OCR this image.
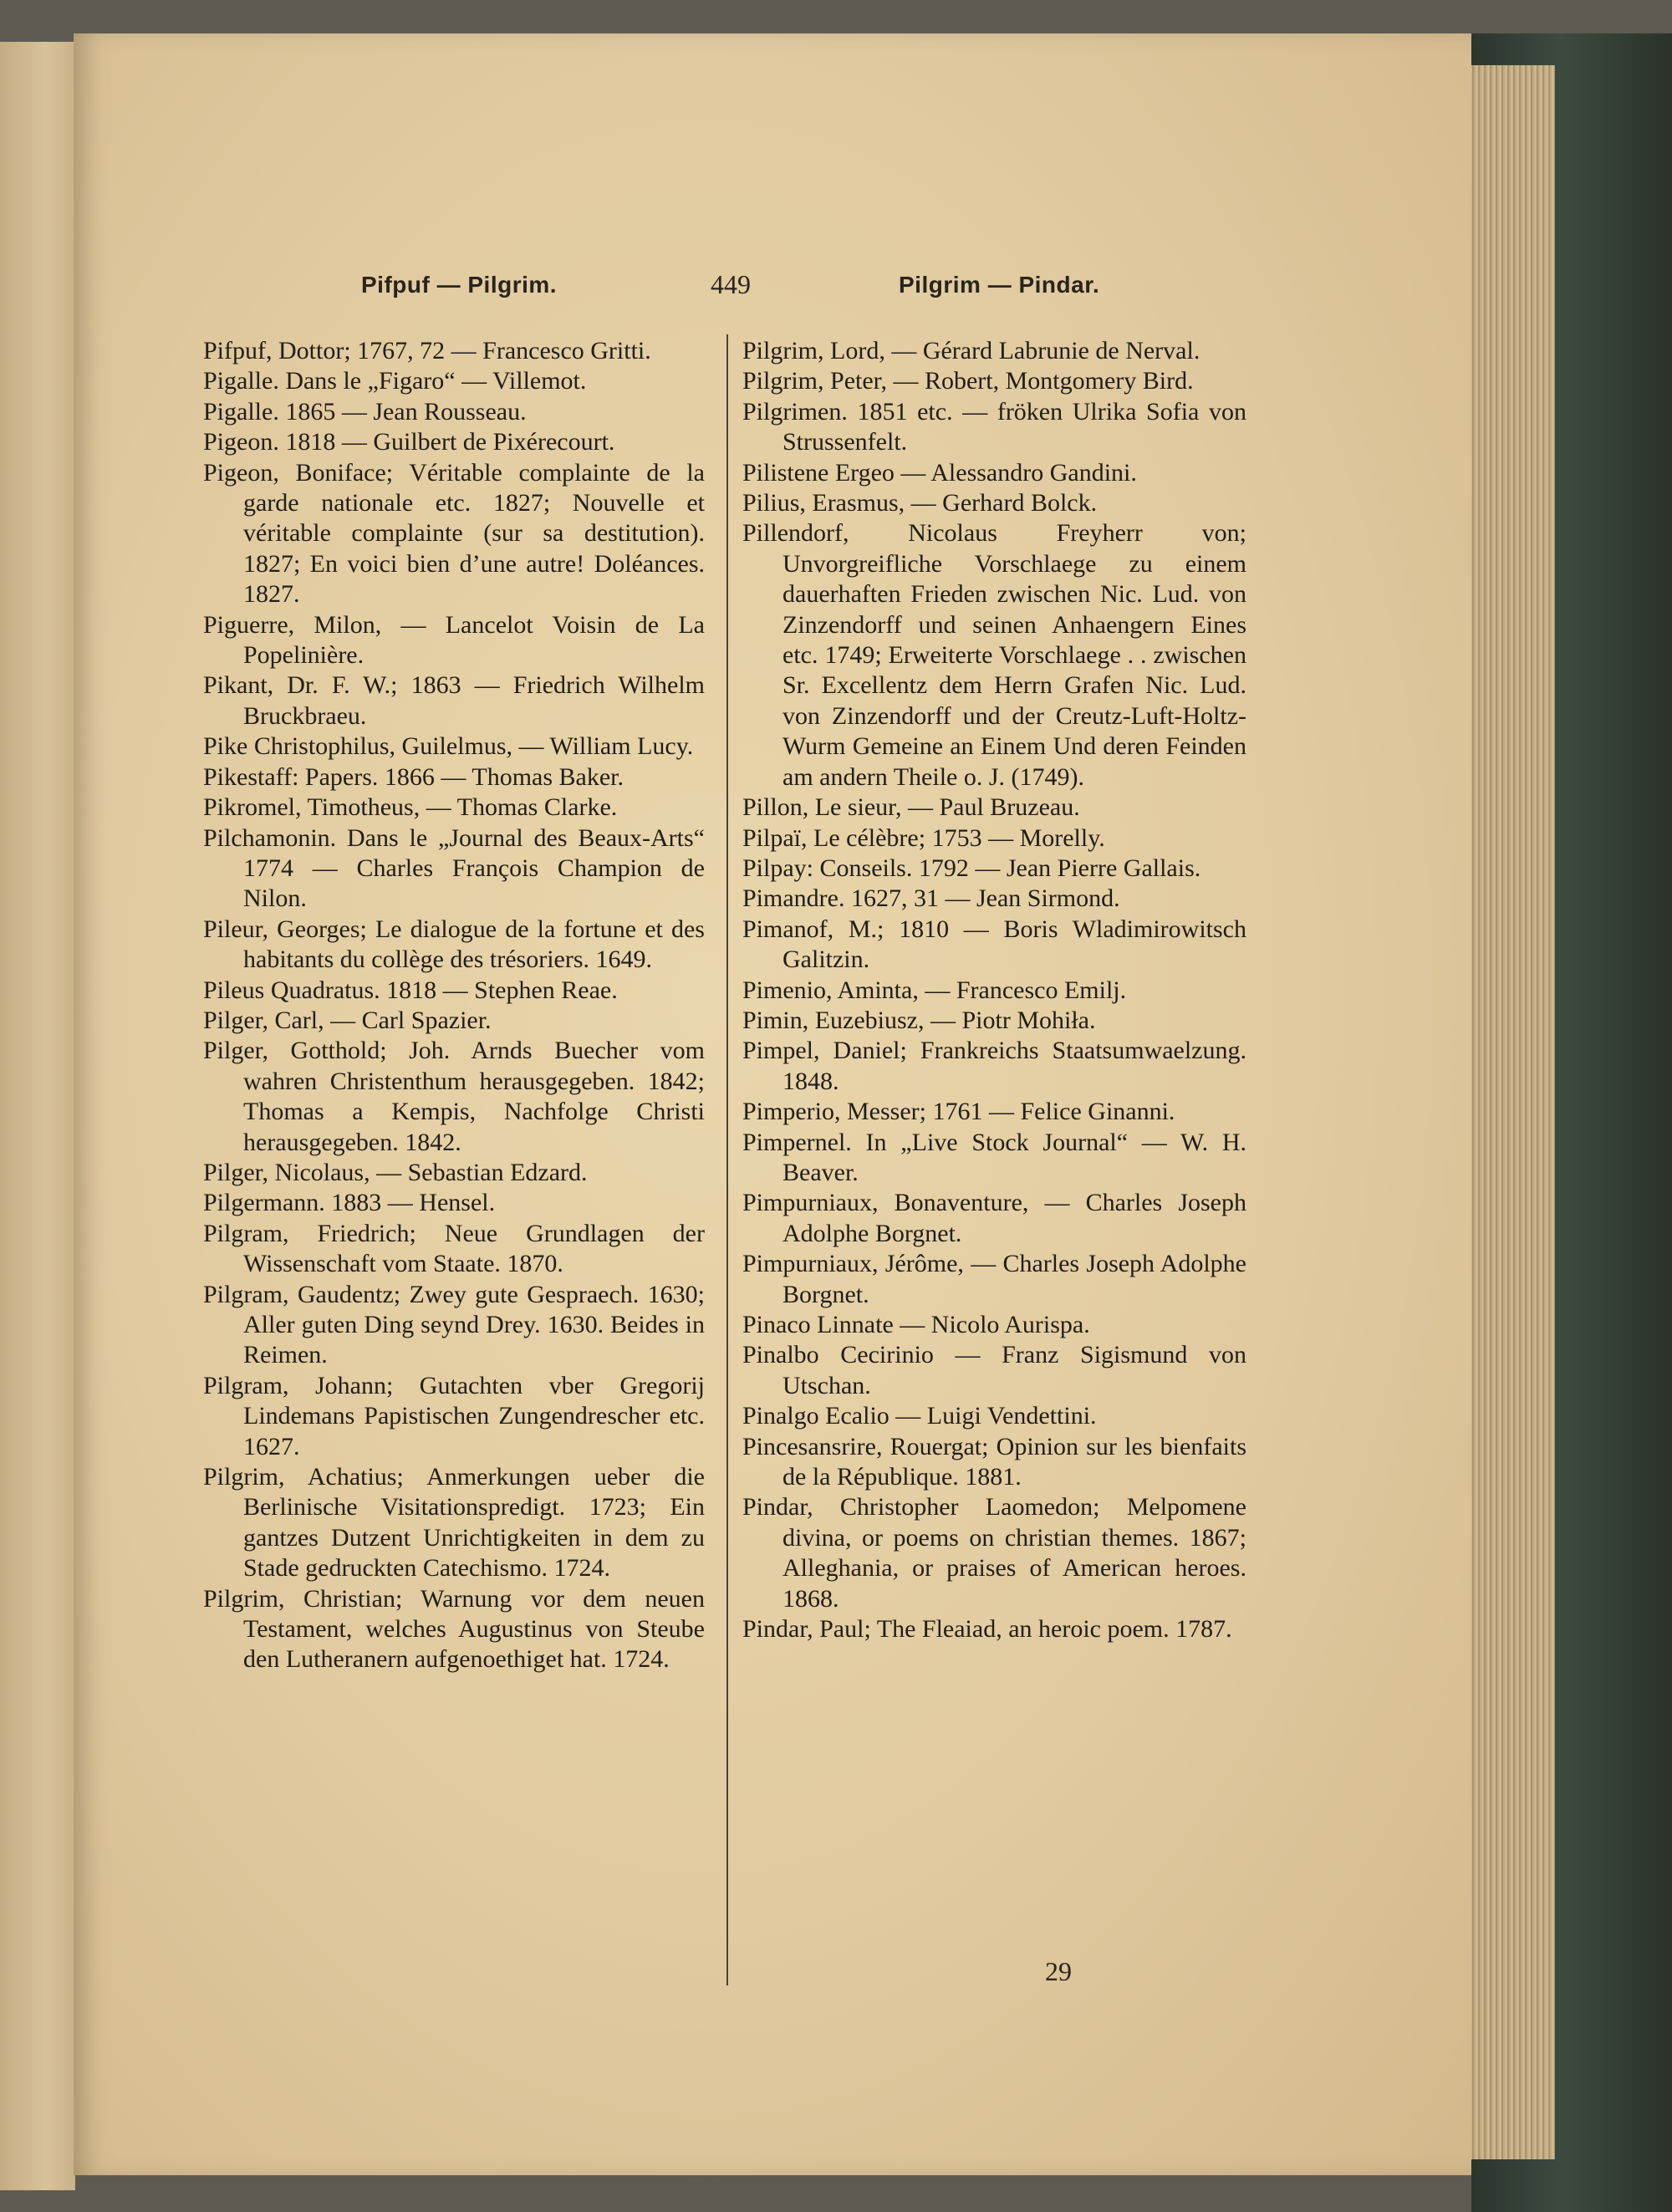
Pifpuf — Pilgrim.	449	Pilgrim — Pindar.
Pifpuf, Dottor; 1767, 72 — Francesco Gritti.
Pigalle. Dans le „Figaro“ — Villemot.
Pigalle. 1865 — Jean Rousseau.
Pigeon. 1818 — Guilbert de Pixérecourt.
Pigeon, Boniface; Véritable complainte de la garde nationale etc. 1827; Nouvelle et véritable complainte (sur sa destitution). 1827; En voici bien d’une autre! Doléances. 1827.
Piguerre, Milon, — Lancelot Voisin de La Popelinière.
Pikant, Dr. F. W.; 1863 — Friedrich Wilhelm Bruckbraeu.
Pike Christophilus, Guilelmus, — William Lucy.
Pikestaff: Papers. 1866 — Thomas Baker.
Pikromel, Timotheus, — Thomas Clarke.
Pilchamonin. Dans le „Journal des Beaux-Arts“ 1774 — Charles François Champion de Nilon.
Pileur, Georges; Le dialogue de la fortune et des habitants du collège des trésoriers. 1649.
Pileus Quadratus. 1818 — Stephen Reae.
Pilger, Carl, — Carl Spazier.
Pilger, Gotthold; Joh. Arnds Buecher vom wahren Christenthum herausgegeben. 1842; Thomas a Kempis, Nachfolge Christi herausgegeben. 1842.
Pilger, Nicolaus, — Sebastian Edzard.
Pilgermann. 1883 — Hensel.
Pilgram, Friedrich; Neue Grundlagen der Wissenschaft vom Staate. 1870.
Pilgram, Gaudentz; Zwey gute Gespraech. 1630; Aller guten Ding seynd Drey. 1630. Beides in Reimen.
Pilgram, Johann; Gutachten vber Gregorij Lindemans Papistischen Zungendrescher etc. 1627.
Pilgrim, Achatius; Anmerkungen ueber die Berlinische Visitationspredigt. 1723; Ein gantzes Dutzent Unrichtigkeiten in dem zu Stade gedruckten Catechismo. 1724.
Pilgrim, Christian; Warnung vor dem neuen Testament, welches Augustinus von Steube den Lutheranern aufgenoethiget hat. 1724.
Pilgrim, Lord, — Gérard Labrunie de Nerval.
Pilgrim, Peter, — Robert, Montgomery Bird.
Pilgrimen. 1851 etc. — fröken Ulrika Sofia von Strussenfelt.
Pilistene Ergeo — Alessandro Gandini.
Pilius, Erasmus, — Gerhard Bolck.
Pillendorf, Nicolaus Freyherr von; Unvorgreifliche Vorschlaege zu einem dauerhaften Frieden zwischen Nic. Lud. von Zinzendorff und seinen Anhaengern Eines etc. 1749; Erweiterte Vorschlaege . . zwischen Sr. Excellentz dem Herrn Grafen Nic. Lud. von Zinzendorff und der Creutz-Luft-Holtz-Wurm Gemeine an Einem Und deren Feinden am andern Theile o. J. (1749).
Pillon, Le sieur, — Paul Bruzeau.
Pilpaï, Le célèbre; 1753 — Morelly.
Pilpay: Conseils. 1792 — Jean Pierre Gallais.
Pimandre. 1627, 31 — Jean Sirmond.
Pimanof, M.; 1810 — Boris Wladimirowitsch Galitzin.
Pimenio, Aminta, — Francesco Emilj.
Pimin, Euzebiusz, — Piotr Mohiła.
Pimpel, Daniel; Frankreichs Staatsumwaelzung. 1848.
Pimperio, Messer; 1761 — Felice Ginanni.
Pimpernel. In „Live Stock Journal“ — W. H. Beaver.
Pimpurniaux, Bonaventure, — Charles Joseph Adolphe Borgnet.
Pimpurniaux, Jérôme, — Charles Joseph Adolphe Borgnet.
Pinaco Linnate — Nicolo Aurispa.
Pinalbo Cecirinio — Franz Sigismund von Utschan.
Pinalgo Ecalio — Luigi Vendettini.
Pincesansrire, Rouergat; Opinion sur les bienfaits de la République. 1881.
Pindar, Christopher Laomedon; Melpomene divina, or poems on christian themes. 1867; Alleghania, or praises of American heroes. 1868.
Pindar, Paul; The Fleaiad, an heroic poem. 1787.
29
